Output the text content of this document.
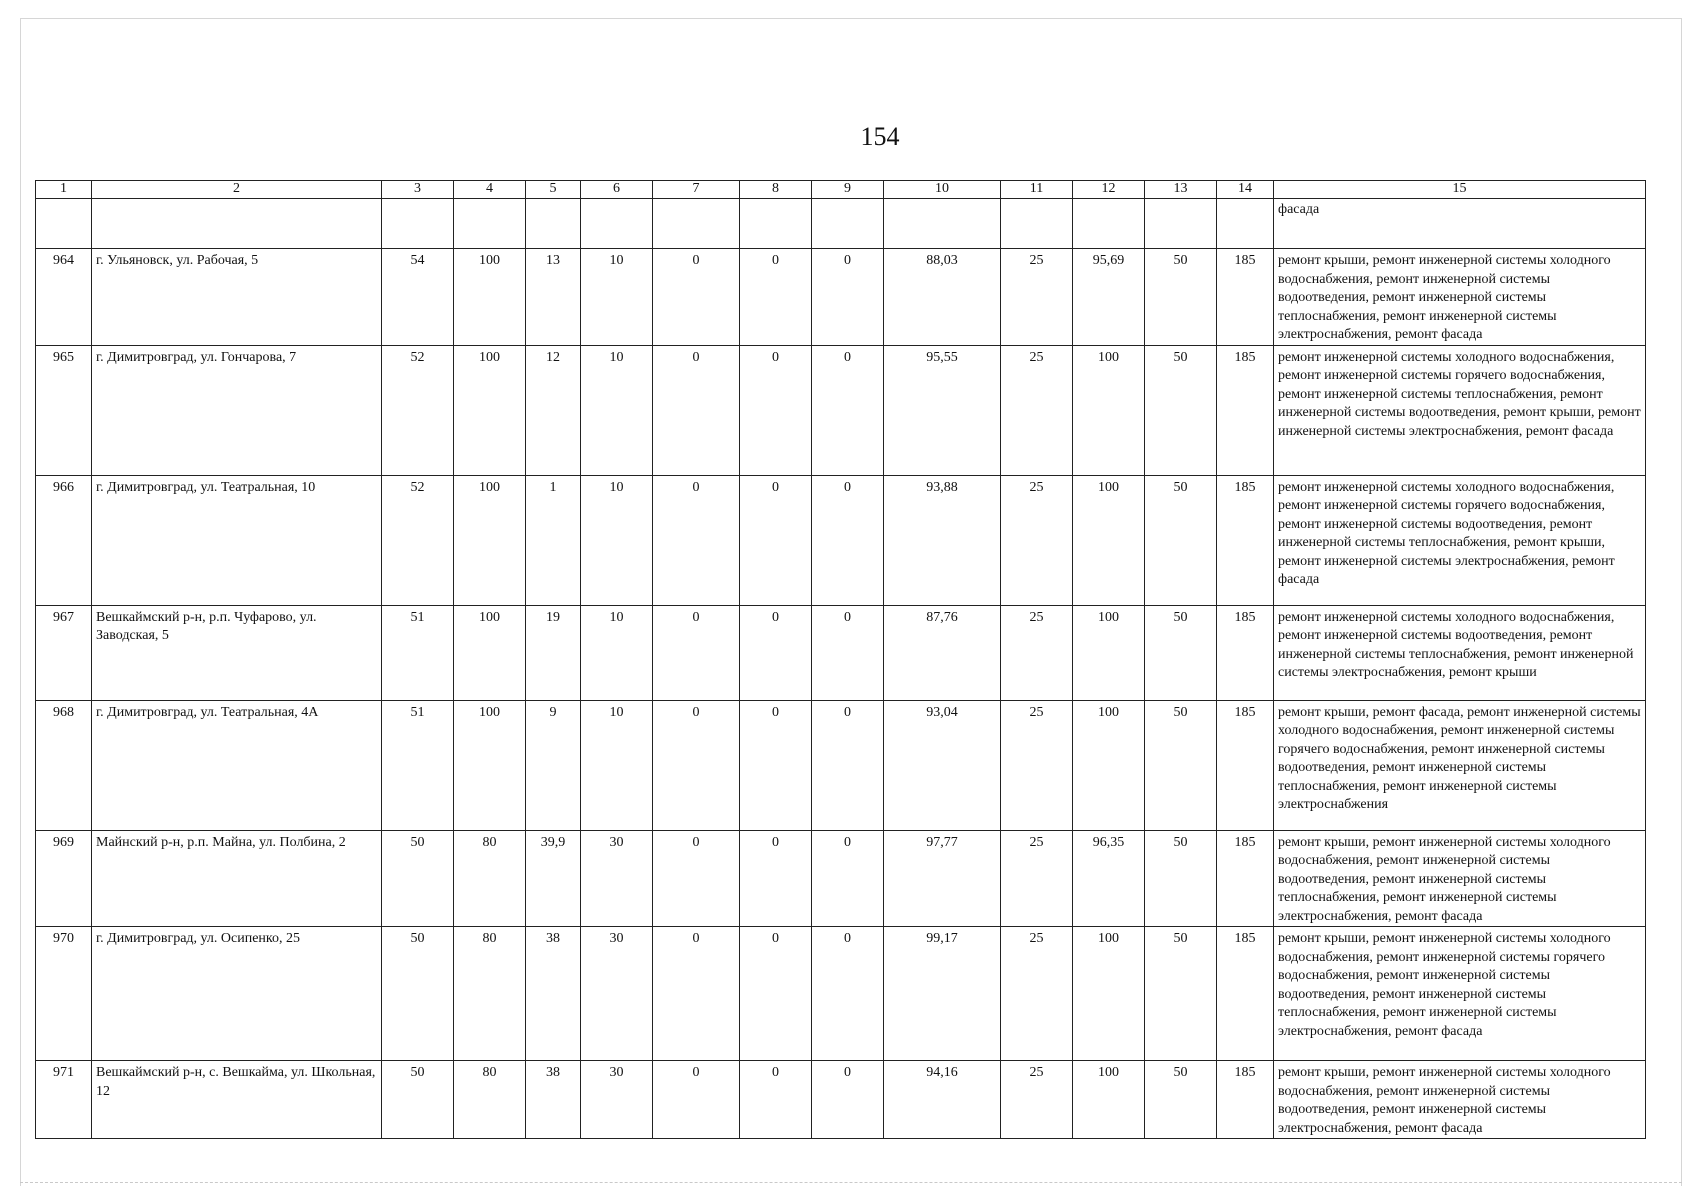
154
1	2	3	4	5	6	7	8	9	10	11	12	13	14	15
														фасада
964	г. Ульяновск, ул. Рабочая, 5	54	100	13	10	0	0	0	88,03	25	95,69	50	185	ремонт крыши, ремонт инженерной системы холодного водоснабжения, ремонт инженерной системы водоотведения, ремонт инженерной системы теплоснабжения, ремонт инженерной системы электроснабжения, ремонт фасада
965	г. Димитровград, ул. Гончарова, 7	52	100	12	10	0	0	0	95,55	25	100	50	185	ремонт инженерной системы холодного водоснабжения, ремонт инженерной системы горячего водоснабжения, ремонт инженерной системы теплоснабжения, ремонт инженерной системы водоотведения, ремонт крыши, ремонт инженерной системы электроснабжения, ремонт фасада
966	г. Димитровград, ул. Театральная, 10	52	100	1	10	0	0	0	93,88	25	100	50	185	ремонт инженерной системы холодного водоснабжения, ремонт инженерной системы горячего водоснабжения, ремонт инженерной системы водоотведения, ремонт инженерной системы теплоснабжения, ремонт крыши, ремонт инженерной системы электроснабжения, ремонт фасада
967	Вешкаймский р-н, р.п. Чуфарово, ул. Заводская, 5	51	100	19	10	0	0	0	87,76	25	100	50	185	ремонт инженерной системы холодного водоснабжения, ремонт инженерной системы водоотведения, ремонт инженерной системы теплоснабжения, ремонт инженерной системы электроснабжения, ремонт крыши
968	г. Димитровград, ул. Театральная, 4А	51	100	9	10	0	0	0	93,04	25	100	50	185	ремонт крыши, ремонт фасада, ремонт инженерной системы холодного водоснабжения, ремонт инженерной системы горячего водоснабжения, ремонт инженерной системы водоотведения, ремонт инженерной системы теплоснабжения, ремонт инженерной системы электроснабжения
969	Майнский р-н, р.п. Майна, ул. Полбина, 2	50	80	39,9	30	0	0	0	97,77	25	96,35	50	185	ремонт крыши, ремонт инженерной системы холодного водоснабжения, ремонт инженерной системы водоотведения, ремонт инженерной системы теплоснабжения, ремонт инженерной системы электроснабжения, ремонт фасада
970	г. Димитровград, ул. Осипенко, 25	50	80	38	30	0	0	0	99,17	25	100	50	185	ремонт крыши, ремонт инженерной системы холодного водоснабжения, ремонт инженерной системы горячего водоснабжения, ремонт инженерной системы водоотведения, ремонт инженерной системы теплоснабжения, ремонт инженерной системы электроснабжения, ремонт фасада
971	Вешкаймский р-н, с. Вешкайма, ул. Школьная, 12	50	80	38	30	0	0	0	94,16	25	100	50	185	ремонт крыши, ремонт инженерной системы холодного водоснабжения, ремонт инженерной системы водоотведения, ремонт инженерной системы электроснабжения, ремонт фасада
